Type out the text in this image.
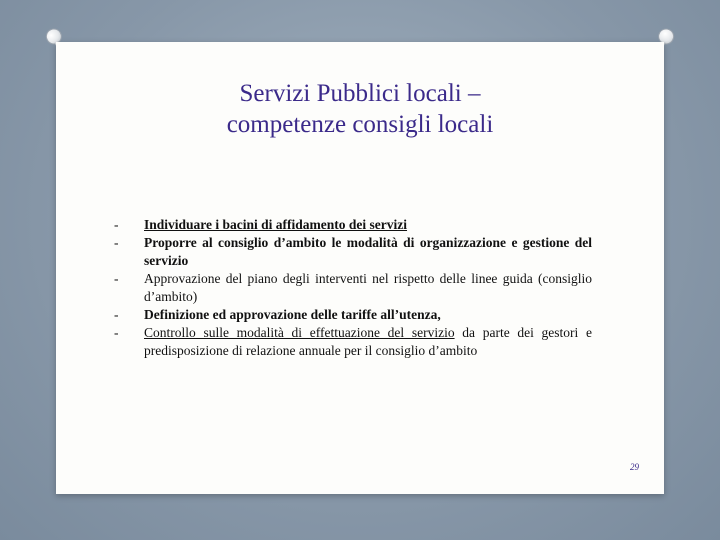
Servizi Pubblici locali –
competenze consigli locali
- Individuare i bacini di affidamento dei servizi
- Proporre al consiglio d’ambito le modalità di organizzazione e gestione del servizio
- Approvazione del piano degli interventi nel rispetto delle linee guida (consiglio d’ambito)
- Definizione ed approvazione delle tariffe all’utenza,
- Controllo sulle modalità di effettuazione del servizio da parte dei gestori e predisposizione di relazione annuale per il consiglio d’ambito
29
